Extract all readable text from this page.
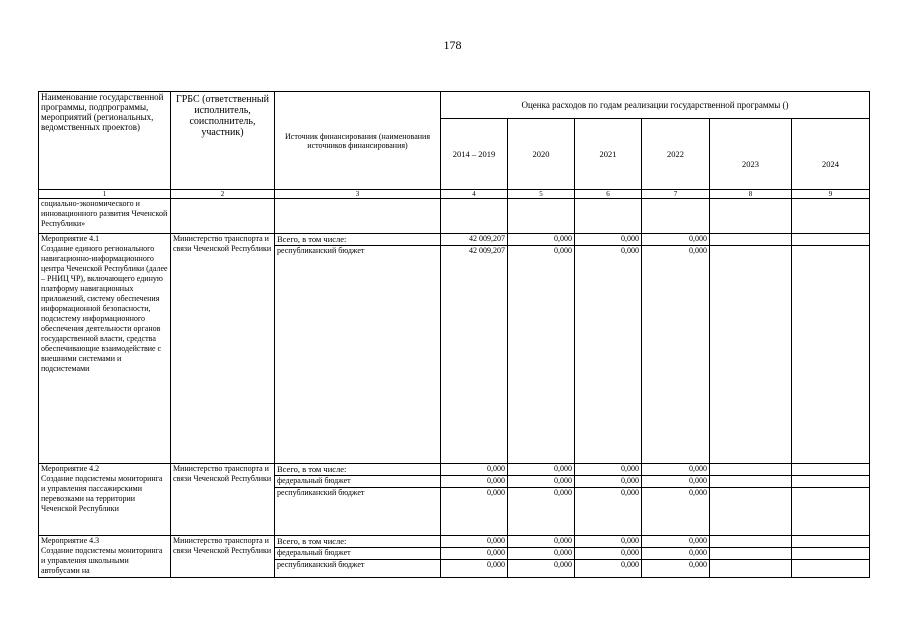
178
Наименование государственной программы, подпрограммы, мероприятий (региональных, ведомственных проектов)	ГРБС (ответственный исполнитель, соисполнитель, участник)	Источник финансирования (наименования источников финансирования)	Оценка расходов по годам реализации государственной программы ()					
			2014 – 2019	2020	2021	2022	2023	2024
1	2	3	4	5	6	7	8	9
социально-экономического и инновационного развития Чеченской Республики»								
Мероприятие 4.1
Создание единого регионального навигационно-информационного центра Чеченской Республики (далее – РНИЦ ЧР), включающего единую платформу навигационных приложений, систему обеспечения информационной безопасности, подсистему информационного обеспечения деятельности органов государственной власти, средства обеспечивающие взаимодействие с внешними системами и подсистемами	Министерство транспорта и связи Чеченской Республики	Всего, в том числе:	42 009,207	0,000	0,000	0,000		
		республиканский бюджет	42 009,207	0,000	0,000	0,000		
Мероприятие 4.2
Создание подсистемы мониторинга и управления пассажирскими перевозками на территории Чеченской Республики	Министерство транспорта и связи Чеченской Республики	Всего, в том числе:	0,000	0,000	0,000	0,000		
		федеральный бюджет	0,000	0,000	0,000	0,000		
		республиканский бюджет	0,000	0,000	0,000	0,000		
Мероприятие 4.3
Создание подсистемы мониторинга и управления школьными автобусами на	Министерство транспорта и связи Чеченской Республики	Всего, в том числе:	0,000	0,000	0,000	0,000		
		федеральный бюджет	0,000	0,000	0,000	0,000		
		республиканский бюджет	0,000	0,000	0,000	0,000		
